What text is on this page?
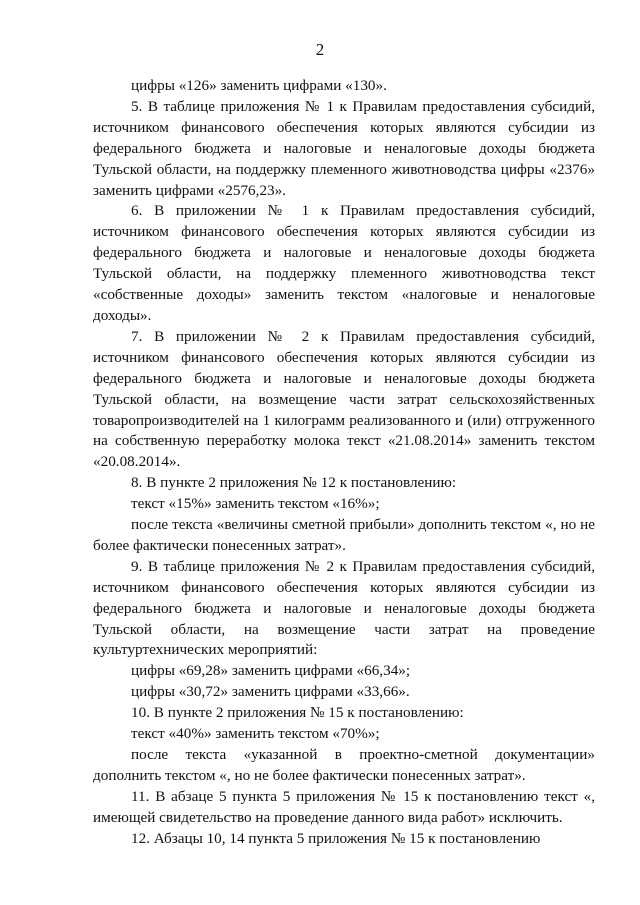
2

цифры «126» заменить цифрами «130».

5. В таблице приложения № 1 к Правилам предоставления субсидий, источником финансового обеспечения которых являются субсидии из федерального бюджета и налоговые и неналоговые доходы бюджета Тульской области, на поддержку племенного животноводства цифры «2376» заменить цифрами «2576,23».

6. В приложении № 1 к Правилам предоставления субсидий, источником финансового обеспечения которых являются субсидии из федерального бюджета и налоговые и неналоговые доходы бюджета Тульской области, на поддержку племенного животноводства текст «собственные доходы» заменить текстом «налоговые и неналоговые доходы».

7. В приложении № 2 к Правилам предоставления субсидий, источником финансового обеспечения которых являются субсидии из федерального бюджета и налоговые и неналоговые доходы бюджета Тульской области, на возмещение части затрат сельскохозяйственных товаропроизводителей на 1 килограмм реализованного и (или) отгруженного на собственную переработку молока текст «21.08.2014» заменить текстом «20.08.2014».

8. В пункте 2 приложения № 12 к постановлению:

текст «15%» заменить текстом «16%»;

после текста «величины сметной прибыли» дополнить текстом «, но не более фактически понесенных затрат».

9. В таблице приложения № 2 к Правилам предоставления субсидий, источником финансового обеспечения которых являются субсидии из федерального бюджета и налоговые и неналоговые доходы бюджета Тульской области, на возмещение части затрат на проведение культуртехнических мероприятий:

цифры «69,28» заменить цифрами «66,34»;

цифры «30,72» заменить цифрами «33,66».

10. В пункте 2 приложения № 15 к постановлению:

текст «40%» заменить текстом «70%»;

после текста «указанной в проектно-сметной документации» дополнить текстом «, но не более фактически понесенных затрат».

11. В абзаце 5 пункта 5 приложения № 15 к постановлению текст «, имеющей свидетельство на проведение данного вида работ» исключить.

12. Абзацы 10, 14 пункта 5 приложения № 15 к постановлению
